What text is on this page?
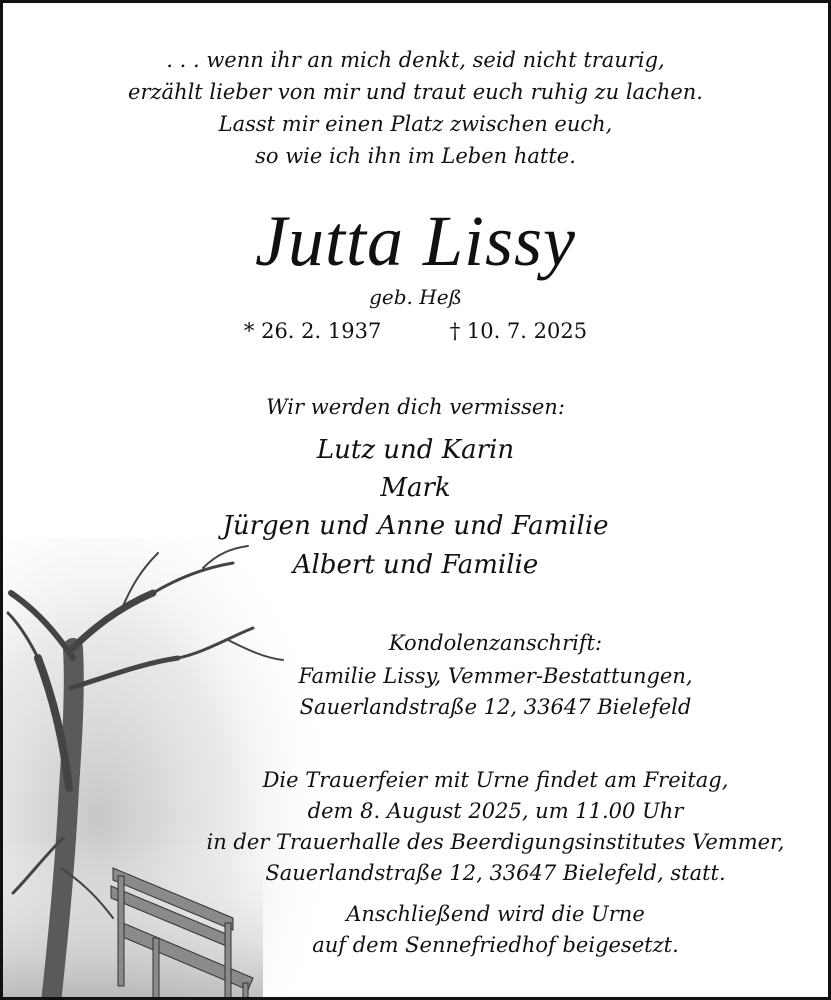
. . . wenn ihr an mich denkt, seid nicht traurig,
erzählt lieber von mir und traut euch ruhig zu lachen.
Lasst mir einen Platz zwischen euch,
so wie ich ihn im Leben hatte.
Jutta Lissy
geb. Heß
* 26. 2. 1937	† 10. 7. 2025
Wir werden dich vermissen:
Lutz und Karin
Mark
Jürgen und Anne und Familie
Albert und Familie
Kondolenzanschrift:
Familie Lissy, Vemmer-Bestattungen,
Sauerlandstraße 12, 33647 Bielefeld
Die Trauerfeier mit Urne findet am Freitag,
dem 8. August 2025, um 11.00 Uhr
in der Trauerhalle des Beerdigungsinstitutes Vemmer,
Sauerlandstraße 12, 33647 Bielefeld, statt.
Anschließend wird die Urne
auf dem Sennefriedhof beigesetzt.
